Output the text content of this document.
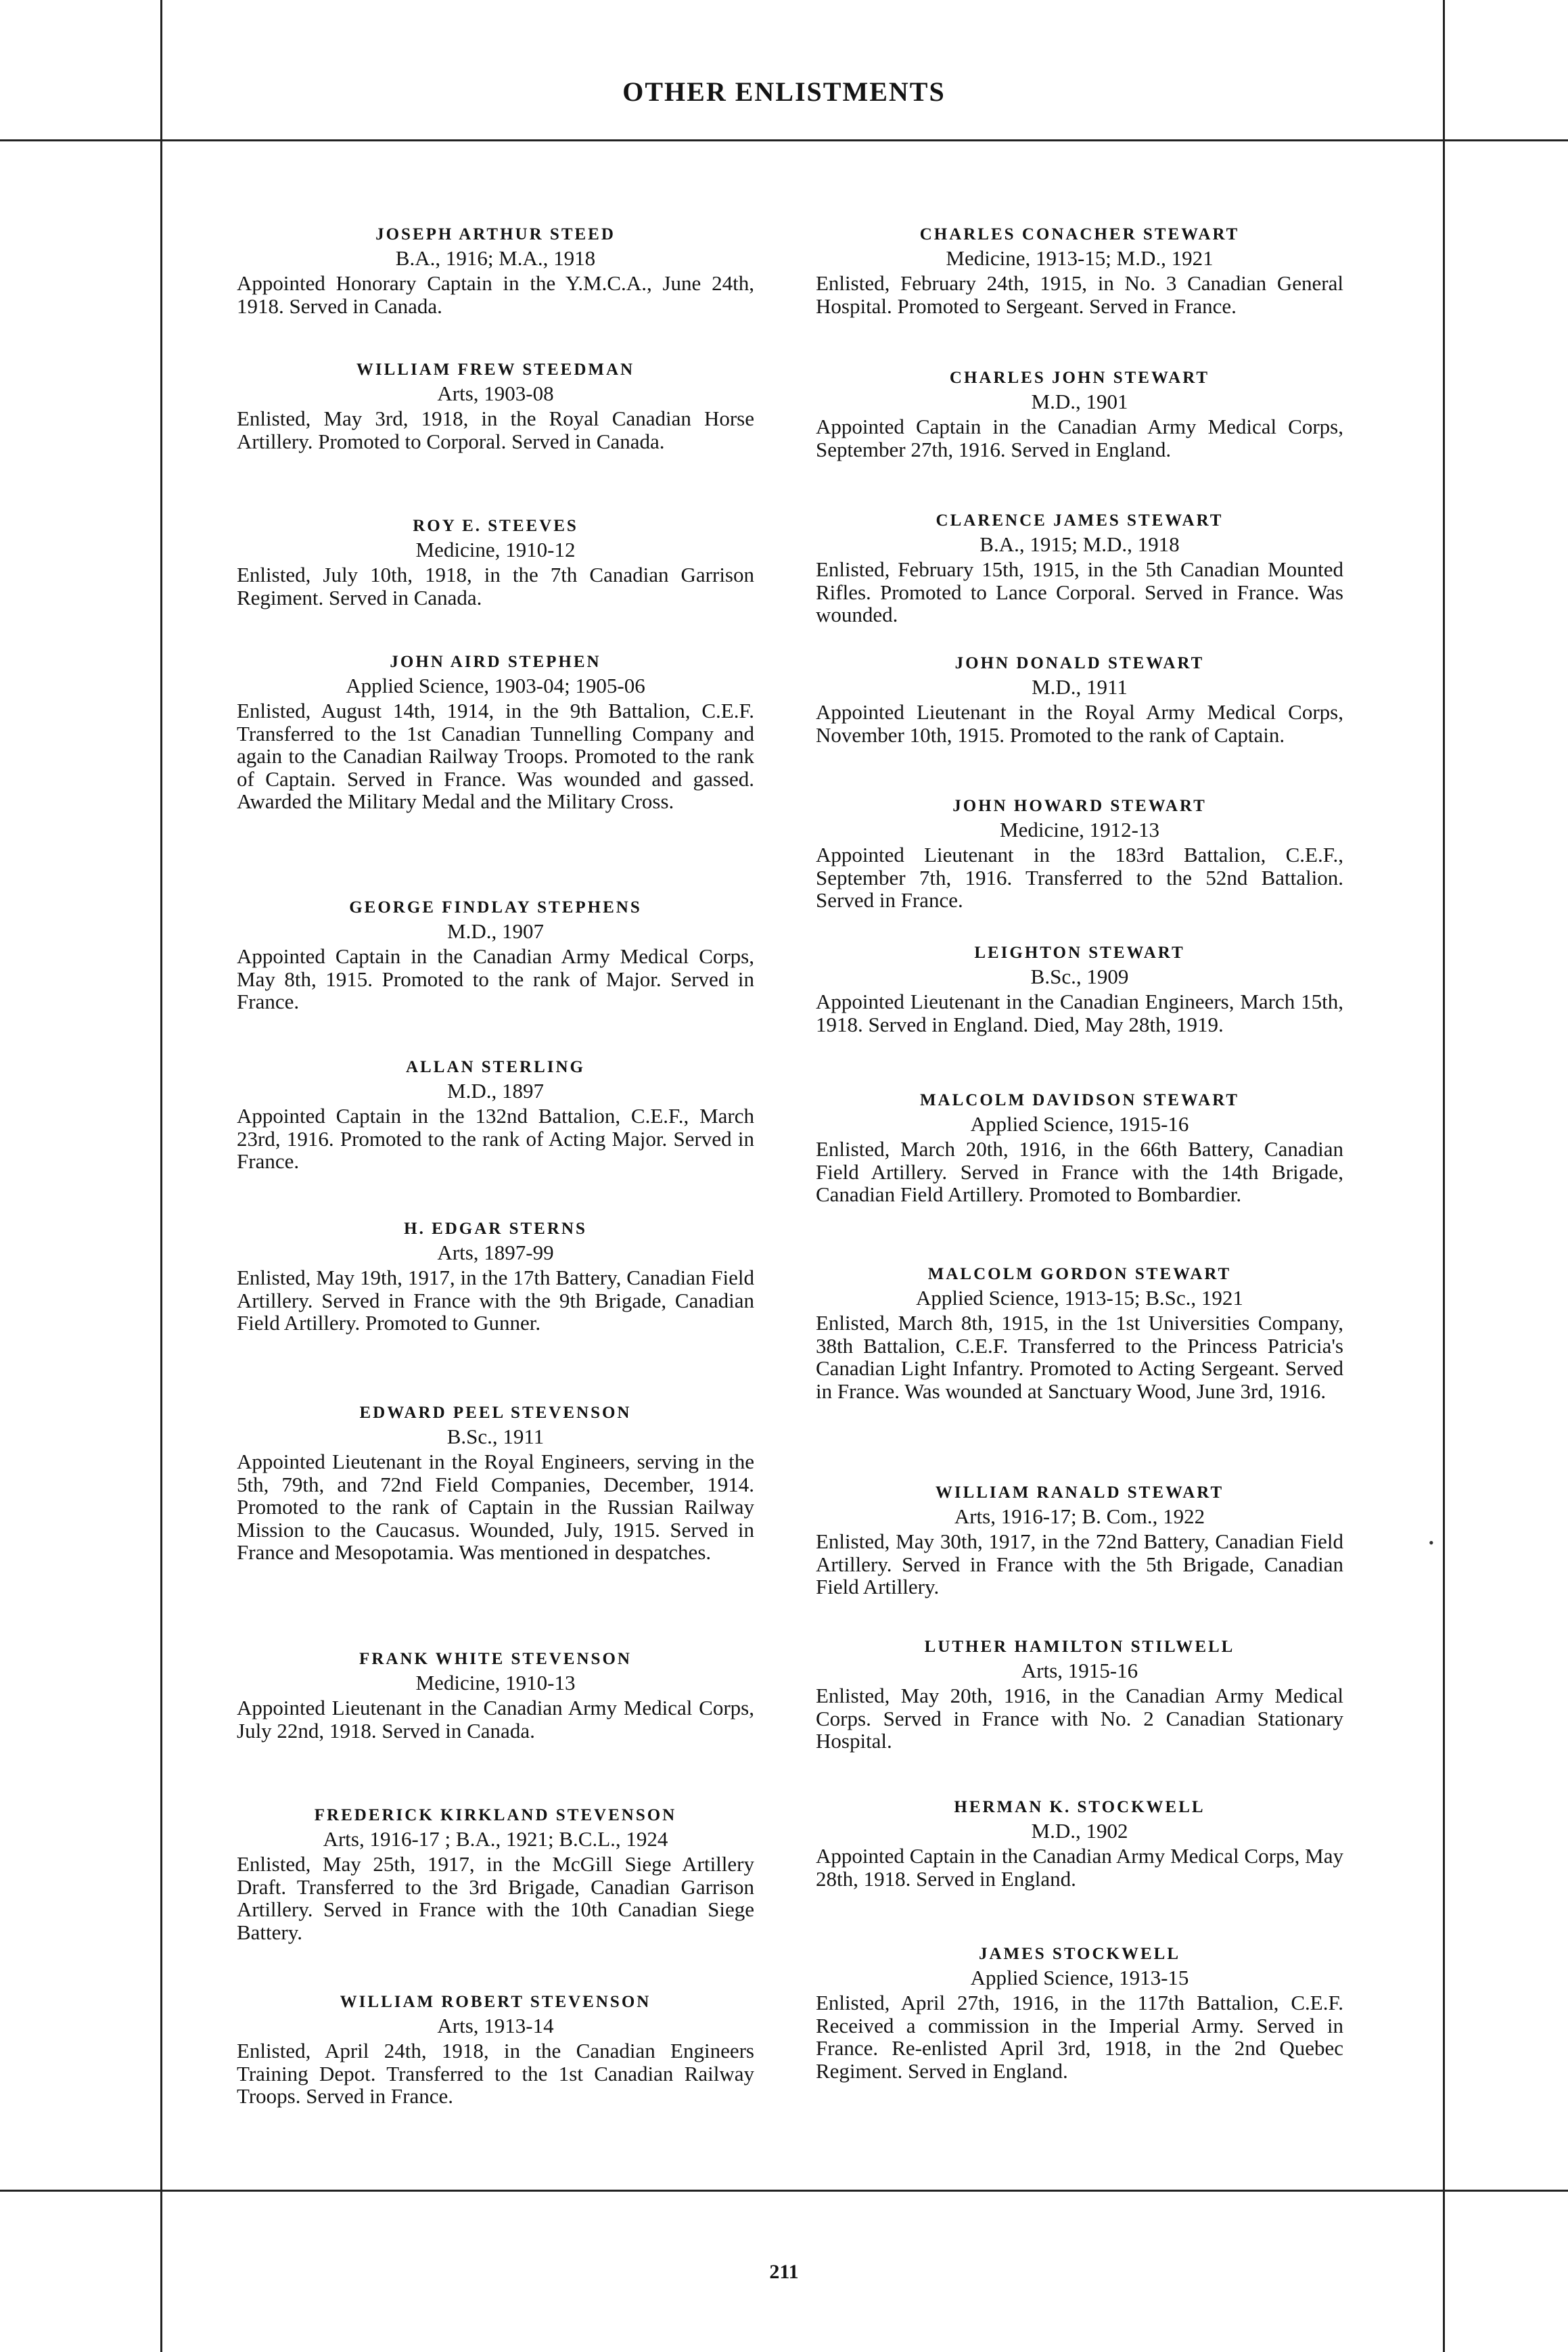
OTHER ENLISTMENTS
JOSEPH ARTHUR STEED
B.A., 1916; M.A., 1918
Appointed Honorary Captain in the Y.M.C.A., June 24th, 1918. Served in Canada.
WILLIAM FREW STEEDMAN
Arts, 1903-08
Enlisted, May 3rd, 1918, in the Royal Canadian Horse Artillery. Promoted to Corporal. Served in Canada.
ROY E. STEEVES
Medicine, 1910-12
Enlisted, July 10th, 1918, in the 7th Canadian Garrison Regiment. Served in Canada.
JOHN AIRD STEPHEN
Applied Science, 1903-04; 1905-06
Enlisted, August 14th, 1914, in the 9th Battalion, C.E.F. Transferred to the 1st Canadian Tunnelling Company and again to the Canadian Railway Troops. Promoted to the rank of Captain. Served in France. Was wounded and gassed. Awarded the Military Medal and the Military Cross.
GEORGE FINDLAY STEPHENS
M.D., 1907
Appointed Captain in the Canadian Army Medical Corps, May 8th, 1915. Promoted to the rank of Major. Served in France.
ALLAN STERLING
M.D., 1897
Appointed Captain in the 132nd Battalion, C.E.F., March 23rd, 1916. Promoted to the rank of Acting Major. Served in France.
H. EDGAR STERNS
Arts, 1897-99
Enlisted, May 19th, 1917, in the 17th Battery, Canadian Field Artillery. Served in France with the 9th Brigade, Canadian Field Artillery. Promoted to Gunner.
EDWARD PEEL STEVENSON
B.Sc., 1911
Appointed Lieutenant in the Royal Engineers, serving in the 5th, 79th, and 72nd Field Companies, December, 1914. Promoted to the rank of Captain in the Russian Railway Mission to the Caucasus. Wounded, July, 1915. Served in France and Mesopotamia. Was mentioned in despatches.
FRANK WHITE STEVENSON
Medicine, 1910-13
Appointed Lieutenant in the Canadian Army Medical Corps, July 22nd, 1918. Served in Canada.
FREDERICK KIRKLAND STEVENSON
Arts, 1916-17 ; B.A., 1921; B.C.L., 1924
Enlisted, May 25th, 1917, in the McGill Siege Artillery Draft. Transferred to the 3rd Brigade, Canadian Garrison Artillery. Served in France with the 10th Canadian Siege Battery.
WILLIAM ROBERT STEVENSON
Arts, 1913-14
Enlisted, April 24th, 1918, in the Canadian Engineers Training Depot. Transferred to the 1st Canadian Railway Troops. Served in France.
CHARLES CONACHER STEWART
Medicine, 1913-15; M.D., 1921
Enlisted, February 24th, 1915, in No. 3 Canadian General Hospital. Promoted to Sergeant. Served in France.
CHARLES JOHN STEWART
M.D., 1901
Appointed Captain in the Canadian Army Medical Corps, September 27th, 1916. Served in England.
CLARENCE JAMES STEWART
B.A., 1915; M.D., 1918
Enlisted, February 15th, 1915, in the 5th Canadian Mounted Rifles. Promoted to Lance Corporal. Served in France. Was wounded.
JOHN DONALD STEWART
M.D., 1911
Appointed Lieutenant in the Royal Army Medical Corps, November 10th, 1915. Promoted to the rank of Captain.
JOHN HOWARD STEWART
Medicine, 1912-13
Appointed Lieutenant in the 183rd Battalion, C.E.F., September 7th, 1916. Transferred to the 52nd Battalion. Served in France.
LEIGHTON STEWART
B.Sc., 1909
Appointed Lieutenant in the Canadian Engineers, March 15th, 1918. Served in England. Died, May 28th, 1919.
MALCOLM DAVIDSON STEWART
Applied Science, 1915-16
Enlisted, March 20th, 1916, in the 66th Battery, Canadian Field Artillery. Served in France with the 14th Brigade, Canadian Field Artillery. Promoted to Bombardier.
MALCOLM GORDON STEWART
Applied Science, 1913-15; B.Sc., 1921
Enlisted, March 8th, 1915, in the 1st Universities Company, 38th Battalion, C.E.F. Transferred to the Princess Patricia's Canadian Light Infantry. Promoted to Acting Sergeant. Served in France. Was wounded at Sanctuary Wood, June 3rd, 1916.
WILLIAM RANALD STEWART
Arts, 1916-17; B. Com., 1922
Enlisted, May 30th, 1917, in the 72nd Battery, Canadian Field Artillery. Served in France with the 5th Brigade, Canadian Field Artillery.
LUTHER HAMILTON STILWELL
Arts, 1915-16
Enlisted, May 20th, 1916, in the Canadian Army Medical Corps. Served in France with No. 2 Canadian Stationary Hospital.
HERMAN K. STOCKWELL
M.D., 1902
Appointed Captain in the Canadian Army Medical Corps, May 28th, 1918. Served in England.
JAMES STOCKWELL
Applied Science, 1913-15
Enlisted, April 27th, 1916, in the 117th Battalion, C.E.F. Received a commission in the Imperial Army. Served in France. Re-enlisted April 3rd, 1918, in the 2nd Quebec Regiment. Served in England.
•
211
